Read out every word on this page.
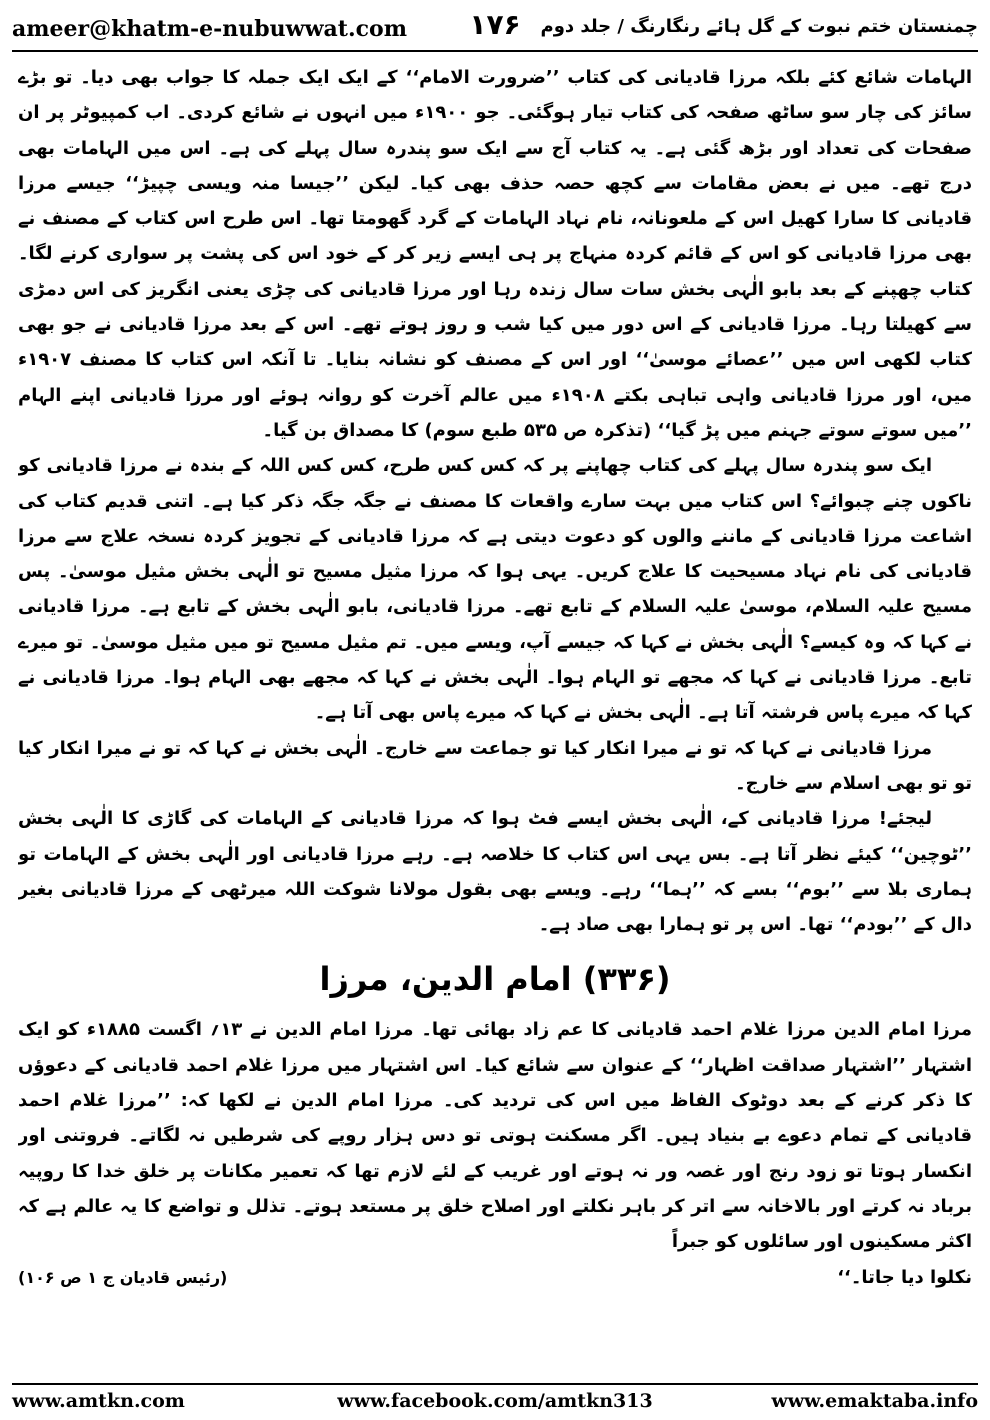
ameer@khatm-e-nubuwwat.com	۱۷۶	چمنستان ختم نبوت کے گل ہائے رنگارنگ / جلد دوم

الہامات شائع کئے بلکہ مرزا قادیانی کی کتاب ’’ضرورت الامام‘‘ کے ایک ایک جملہ کا جواب بھی دیا۔ تو بڑے سائز کی چار سو ساٹھ صفحہ کی کتاب تیار ہوگئی۔ جو ۱۹۰۰ء میں انہوں نے شائع کردی۔ اب کمپیوٹر پر ان صفحات کی تعداد اور بڑھ گئی ہے۔ یہ کتاب آج سے ایک سو پندرہ سال پہلے کی ہے۔ اس میں الہامات بھی درج تھے۔ میں نے بعض مقامات سے کچھ حصہ حذف بھی کیا۔ لیکن ’’جیسا منہ ویسی چپیڑ‘‘ جیسے مرزا قادیانی کا سارا کھیل اس کے ملعونانہ، نام نہاد الہامات کے گرد گھومتا تھا۔ اس طرح اس کتاب کے مصنف نے بھی مرزا قادیانی کو اس کے قائم کردہ منہاج پر ہی ایسے زیر کر کے خود اس کی پشت پر سواری کرنے لگا۔ کتاب چھپنے کے بعد بابو الٰہی بخش سات سال زندہ رہا اور مرزا قادیانی کی چڑی یعنی انگریز کی اس دمڑی سے کھیلتا رہا۔ مرزا قادیانی کے اس دور میں کیا شب و روز ہوتے تھے۔ اس کے بعد مرزا قادیانی نے جو بھی کتاب لکھی اس میں ’’عصائے موسیٰ‘‘ اور اس کے مصنف کو نشانہ بنایا۔ تا آنکہ اس کتاب کا مصنف ۱۹۰۷ء میں، اور مرزا قادیانی واہی تباہی بکتے ۱۹۰۸ء میں عالم آخرت کو روانہ ہوئے اور مرزا قادیانی اپنے الہام ’’میں سوتے سوتے جہنم میں پڑ گیا‘‘ (تذکرہ ص ۵۳۵ طبع سوم) کا مصداق بن گیا۔

ایک سو پندرہ سال پہلے کی کتاب چھاپنے پر کہ کس کس طرح، کس کس اللہ کے بندہ نے مرزا قادیانی کو ناکوں چنے چبوائے؟ اس کتاب میں بہت سارے واقعات کا مصنف نے جگہ جگہ ذکر کیا ہے۔ اتنی قدیم کتاب کی اشاعت مرزا قادیانی کے ماننے والوں کو دعوت دیتی ہے کہ مرزا قادیانی کے تجویز کردہ نسخہ علاج سے مرزا قادیانی کی نام نہاد مسیحیت کا علاج کریں۔ یہی ہوا کہ مرزا مثیل مسیح تو الٰہی بخش مثیل موسیٰ۔ پس مسیح علیہ السلام، موسیٰ علیہ السلام کے تابع تھے۔ مرزا قادیانی، بابو الٰہی بخش کے تابع ہے۔ مرزا قادیانی نے کہا کہ وہ کیسے؟ الٰہی بخش نے کہا کہ جیسے آپ، ویسے میں۔ تم مثیل مسیح تو میں مثیل موسیٰ۔ تو میرے تابع۔ مرزا قادیانی نے کہا کہ مجھے تو الہام ہوا۔ الٰہی بخش نے کہا کہ مجھے بھی الہام ہوا۔ مرزا قادیانی نے کہا کہ میرے پاس فرشتہ آتا ہے۔ الٰہی بخش نے کہا کہ میرے پاس بھی آتا ہے۔

مرزا قادیانی نے کہا کہ تو نے میرا انکار کیا تو جماعت سے خارج۔ الٰہی بخش نے کہا کہ تو نے میرا انکار کیا تو تو بھی اسلام سے خارج۔

لیجئے! مرزا قادیانی کے، الٰہی بخش ایسے فٹ ہوا کہ مرزا قادیانی کے الہامات کی گاڑی کا الٰہی بخش ’’ٹوچین‘‘ کیئے نظر آتا ہے۔ بس یہی اس کتاب کا خلاصہ ہے۔ رہے مرزا قادیانی اور الٰہی بخش کے الہامات تو ہماری بلا سے ’’بوم‘‘ بسے کہ ’’ہما‘‘ رہے۔ ویسے بھی بقول مولانا شوکت اللہ میرٹھی کے مرزا قادیانی بغیر دال کے ’’بودم‘‘ تھا۔ اس پر تو ہمارا بھی صاد ہے۔

(۳۳۶) امام الدین، مرزا

مرزا امام الدین مرزا غلام احمد قادیانی کا عم زاد بھائی تھا۔ مرزا امام الدین نے ۱۳؍ اگست ۱۸۸۵ء کو ایک اشتہار ’’اشتہار صداقت اظہار‘‘ کے عنوان سے شائع کیا۔ اس اشتہار میں مرزا غلام احمد قادیانی کے دعوؤں کا ذکر کرنے کے بعد دوٹوک الفاظ میں اس کی تردید کی۔ مرزا امام الدین نے لکھا کہ: ’’مرزا غلام احمد قادیانی کے تمام دعوے بے بنیاد ہیں۔ اگر مسکنت ہوتی تو دس ہزار روپے کی شرطیں نہ لگاتے۔ فروتنی اور انکسار ہوتا تو زود رنج اور غصہ ور نہ ہوتے اور غریب کے لئے لازم تھا کہ تعمیر مکانات پر خلق خدا کا روپیہ برباد نہ کرتے اور بالاخانہ سے اتر کر باہر نکلتے اور اصلاح خلق پر مستعد ہوتے۔ تذلل و تواضع کا یہ عالم ہے کہ اکثر مسکینوں اور سائلوں کو جبراً

نکلوا دیا جاتا۔‘‘
(رئیس قادیان ج ۱ ص ۱۰۶)
www.amtkn.com	www.facebook.com/amtkn313	www.emaktaba.info
